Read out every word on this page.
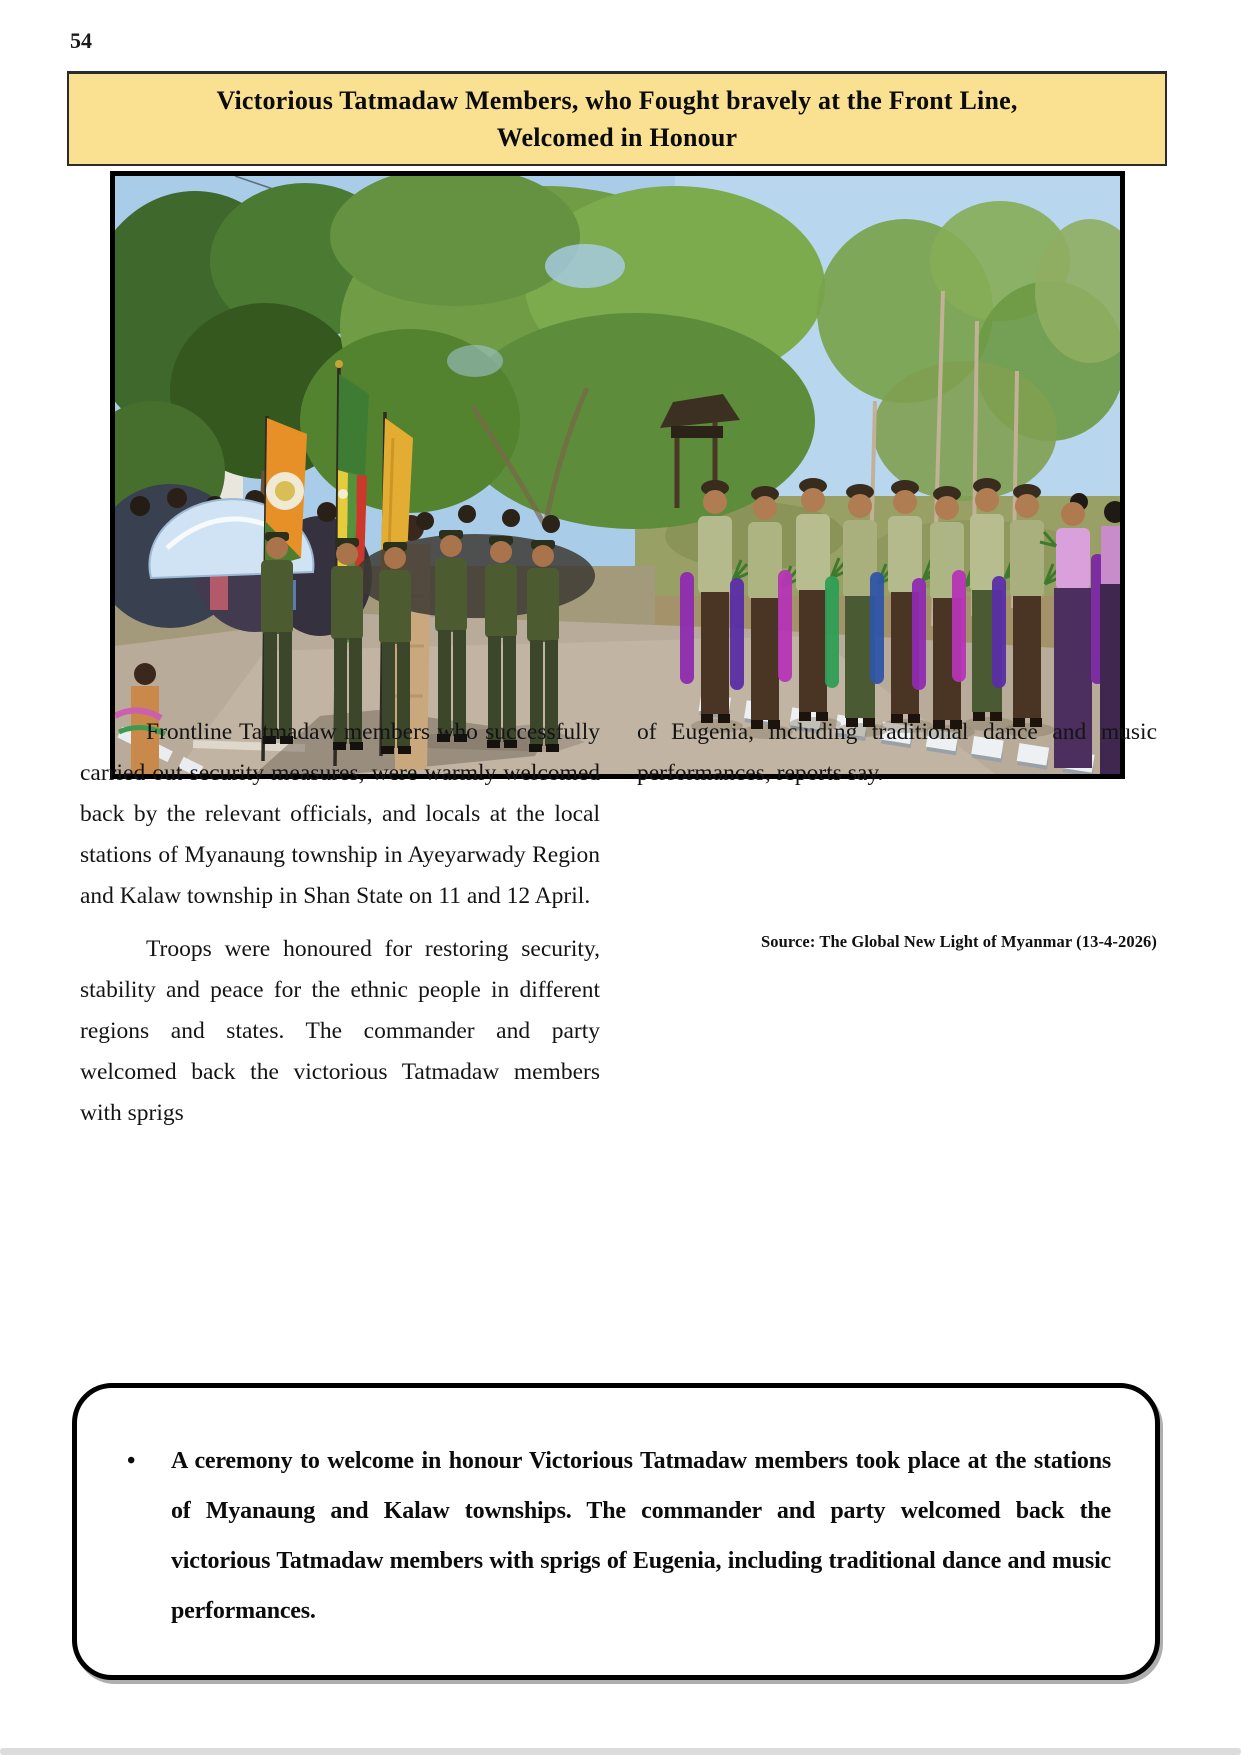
54
Victorious Tatmadaw Members, who Fought bravely at the Front Line,
Welcomed in Honour

Frontline Tatmadaw members who successfully carried out security measures, were warmly welcomed back by the relevant officials, and locals at the local stations of Myanaung township in Ayeyarwady Region and Kalaw township in Shan State on 11 and 12 April.

Troops were honoured for restoring security, stability and peace for the ethnic people in different regions and states. The commander and party welcomed back the victorious Tatmadaw members with sprigs

of Eugenia, including traditional dance and music performances, reports say.

Source: The Global New Light of Myanmar (13-4-2026)
• A ceremony to welcome in honour Victorious Tatmadaw members took place at the stations of Myanaung and Kalaw townships. The commander and party welcomed back the victorious Tatmadaw members with sprigs of Eugenia, including traditional dance and music performances.
